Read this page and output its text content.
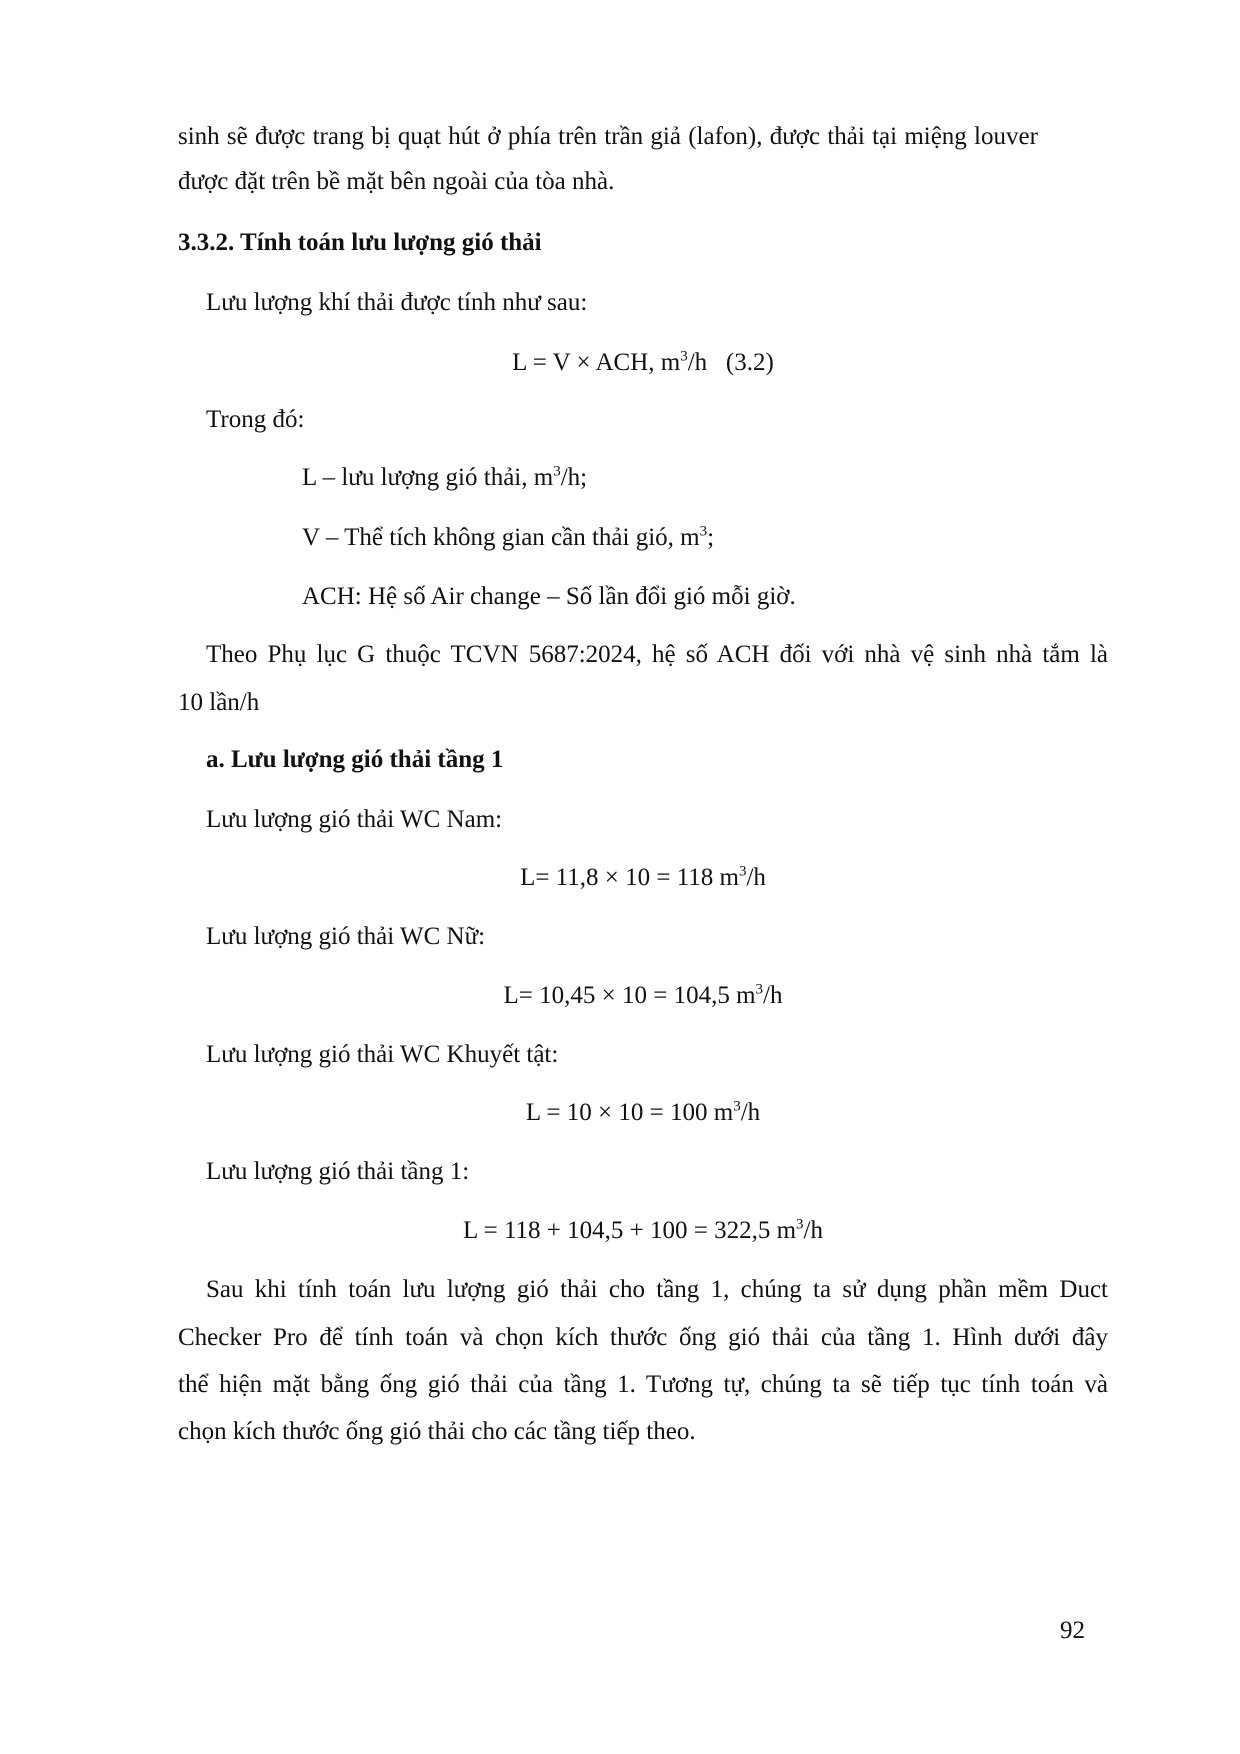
sinh sẽ được trang bị quạt hút ở phía trên trần giả (lafon), được thải tại miệng louver

được đặt trên bề mặt bên ngoài của tòa nhà.

3.3.2. Tính toán lưu lượng gió thải

Lưu lượng khí thải được tính như sau:

L = V × ACH, $m^3/h$ (3.2)

Trong đó:

L – lưu lượng gió thải, $m^3/h$;

V – Thể tích không gian cần thải gió, $m^3$;

ACH: Hệ số Air change – Số lần đổi gió mỗi giờ.

Theo Phụ lục G thuộc TCVN 5687:2024, hệ số ACH đối với nhà vệ sinh nhà tắm là

10 lần/h

a. Lưu lượng gió thải tầng 1

Lưu lượng gió thải WC Nam:

L= 11,8 × 10 = 118 $m^3/h$

Lưu lượng gió thải WC Nữ:

L= 10,45 × 10 = 104,5 $m^3/h$

Lưu lượng gió thải WC Khuyết tật:

L = 10 × 10 = 100 $m^3/h$

Lưu lượng gió thải tầng 1:

L = 118 + 104,5 + 100 = 322,5 $m^3/h$

Sau khi tính toán lưu lượng gió thải cho tầng 1, chúng ta sử dụng phần mềm Duct

Checker Pro để tính toán và chọn kích thước ống gió thải của tầng 1. Hình dưới đây

thể hiện mặt bằng ống gió thải của tầng 1. Tương tự, chúng ta sẽ tiếp tục tính toán và

chọn kích thước ống gió thải cho các tầng tiếp theo.

92
